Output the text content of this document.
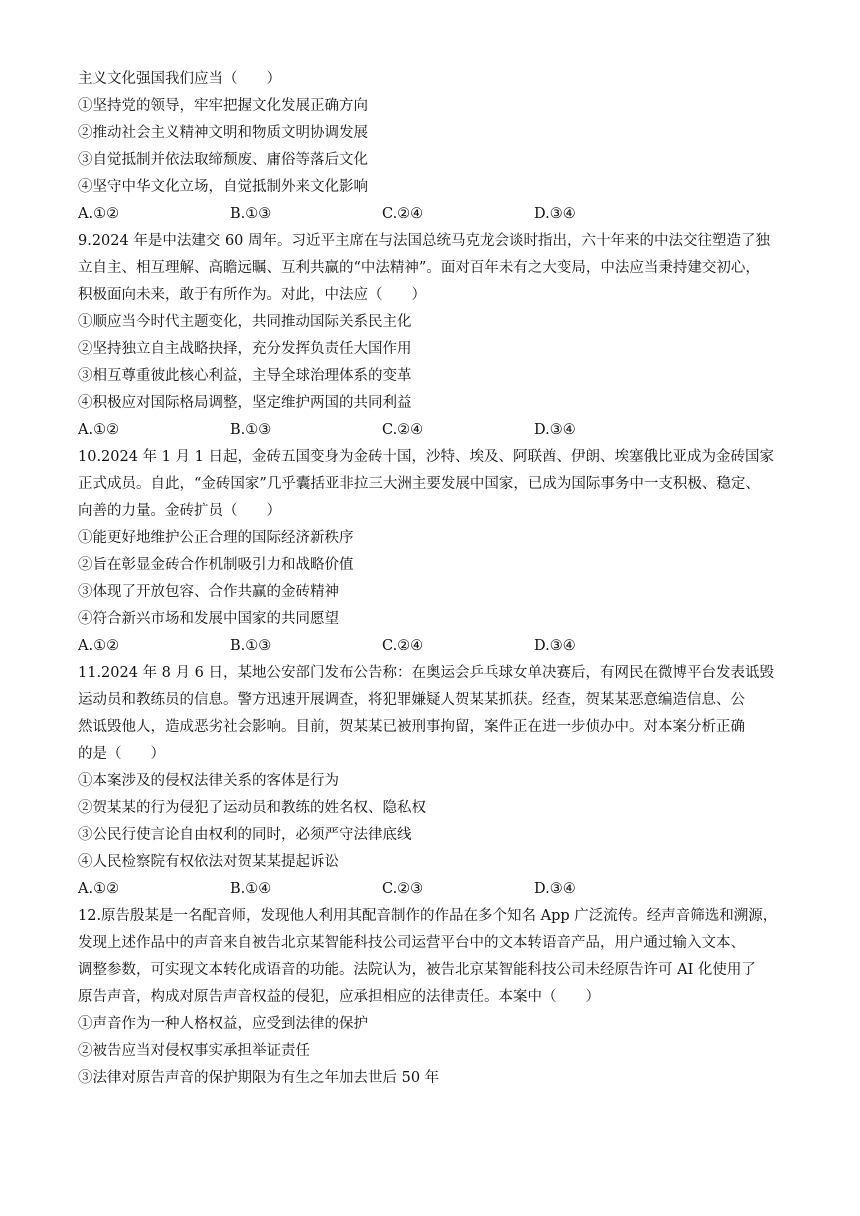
主义文化强国我们应当（　　）
①坚持党的领导，牢牢把握文化发展正确方向
②推动社会主义精神文明和物质文明协调发展
③自觉抵制并依法取缔颓废、庸俗等落后文化
④坚守中华文化立场，自觉抵制外来文化影响
A.①②	B.①③	C.②④	D.③④
9.2024 年是中法建交 60 周年。习近平主席在与法国总统马克龙会谈时指出，六十年来的中法交往塑造了独
立自主、相互理解、高瞻远瞩、互利共赢的“中法精神”。面对百年未有之大变局，中法应当秉持建交初心，
积极面向未来，敢于有所作为。对此，中法应（　　）
①顺应当今时代主题变化，共同推动国际关系民主化
②坚持独立自主战略抉择，充分发挥负责任大国作用
③相互尊重彼此核心利益，主导全球治理体系的变革
④积极应对国际格局调整，坚定维护两国的共同利益
A.①②	B.①③	C.②④	D.③④
10.2024 年 1 月 1 日起，金砖五国变身为金砖十国，沙特、埃及、阿联酋、伊朗、埃塞俄比亚成为金砖国家
正式成员。自此，“金砖国家”几乎囊括亚非拉三大洲主要发展中国家，已成为国际事务中一支积极、稳定、
向善的力量。金砖扩员（　　）
①能更好地维护公正合理的国际经济新秩序
②旨在彰显金砖合作机制吸引力和战略价值
③体现了开放包容、合作共赢的金砖精神
④符合新兴市场和发展中国家的共同愿望
A.①②	B.①③	C.②④	D.③④
11.2024 年 8 月 6 日，某地公安部门发布公告称：在奥运会乒乓球女单决赛后，有网民在微博平台发表诋毁
运动员和教练员的信息。警方迅速开展调查，将犯罪嫌疑人贺某某抓获。经查，贺某某恶意编造信息、公
然诋毁他人，造成恶劣社会影响。目前，贺某某已被刑事拘留，案件正在进一步侦办中。对本案分析正确
的是（　　）
①本案涉及的侵权法律关系的客体是行为
②贺某某的行为侵犯了运动员和教练的姓名权、隐私权
③公民行使言论自由权利的同时，必须严守法律底线
④人民检察院有权依法对贺某某提起诉讼
A.①②	B.①④	C.②③	D.③④
12.原告殷某是一名配音师，发现他人利用其配音制作的作品在多个知名 App 广泛流传。经声音筛选和溯源，
发现上述作品中的声音来自被告北京某智能科技公司运营平台中的文本转语音产品，用户通过输入文本、
调整参数，可实现文本转化成语音的功能。法院认为，被告北京某智能科技公司未经原告许可 AI 化使用了
原告声音，构成对原告声音权益的侵犯，应承担相应的法律责任。本案中（　　）
①声音作为一种人格权益，应受到法律的保护
②被告应当对侵权事实承担举证责任
③法律对原告声音的保护期限为有生之年加去世后 50 年
